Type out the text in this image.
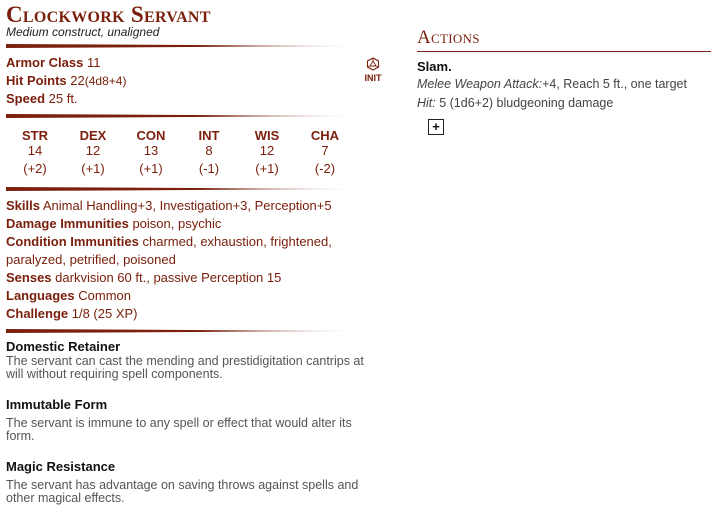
Clockwork Servant
Medium construct, unaligned
Armor Class 11
Hit Points 22(4d8+4)
Speed 25 ft.
STR
14
(+2)
DEX
12
(+1)
CON
13
(+1)
INT
8
(-1)
WIS
12
(+1)
CHA
7
(-2)
Skills Animal Handling+3, Investigation+3, Perception+5
Damage Immunities poison, psychic
Condition Immunities charmed, exhaustion, frightened,
paralyzed, petrified, poisoned
Senses darkvision 60 ft., passive Perception 15
Languages Common
Challenge 1/8 (25 XP)
Domestic Retainer
The servant can cast the mending and prestidigitation cantrips at will without requiring spell components.
Immutable Form
The servant is immune to any spell or effect that would alter its form.
Magic Resistance
The servant has advantage on saving throws against spells and other magical effects.
INIT
Actions
Slam.
Melee Weapon Attack:+4, Reach 5 ft., one target
Hit: 5 (1d6+2) bludgeoning damage
+
